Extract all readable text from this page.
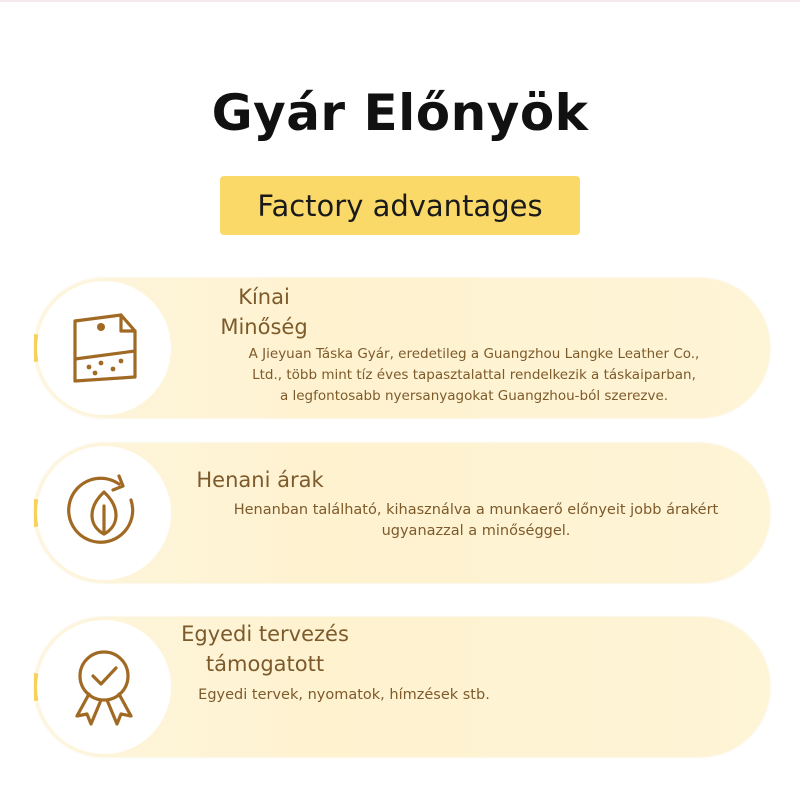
Gyár Előnyök
Factory advantages
Kínai
Minőség
A Jieyuan Táska Gyár, eredetileg a Guangzhou Langke Leather Co.,
Ltd., több mint tíz éves tapasztalattal rendelkezik a táskaiparban,
a legfontosabb nyersanyagokat Guangzhou-ból szerezve.
Henani árak
Henanban található, kihasználva a munkaerő előnyeit jobb árakért
ugyanazzal a minőséggel.
Egyedi tervezés
támogatott
Egyedi tervek, nyomatok, hímzések stb.
